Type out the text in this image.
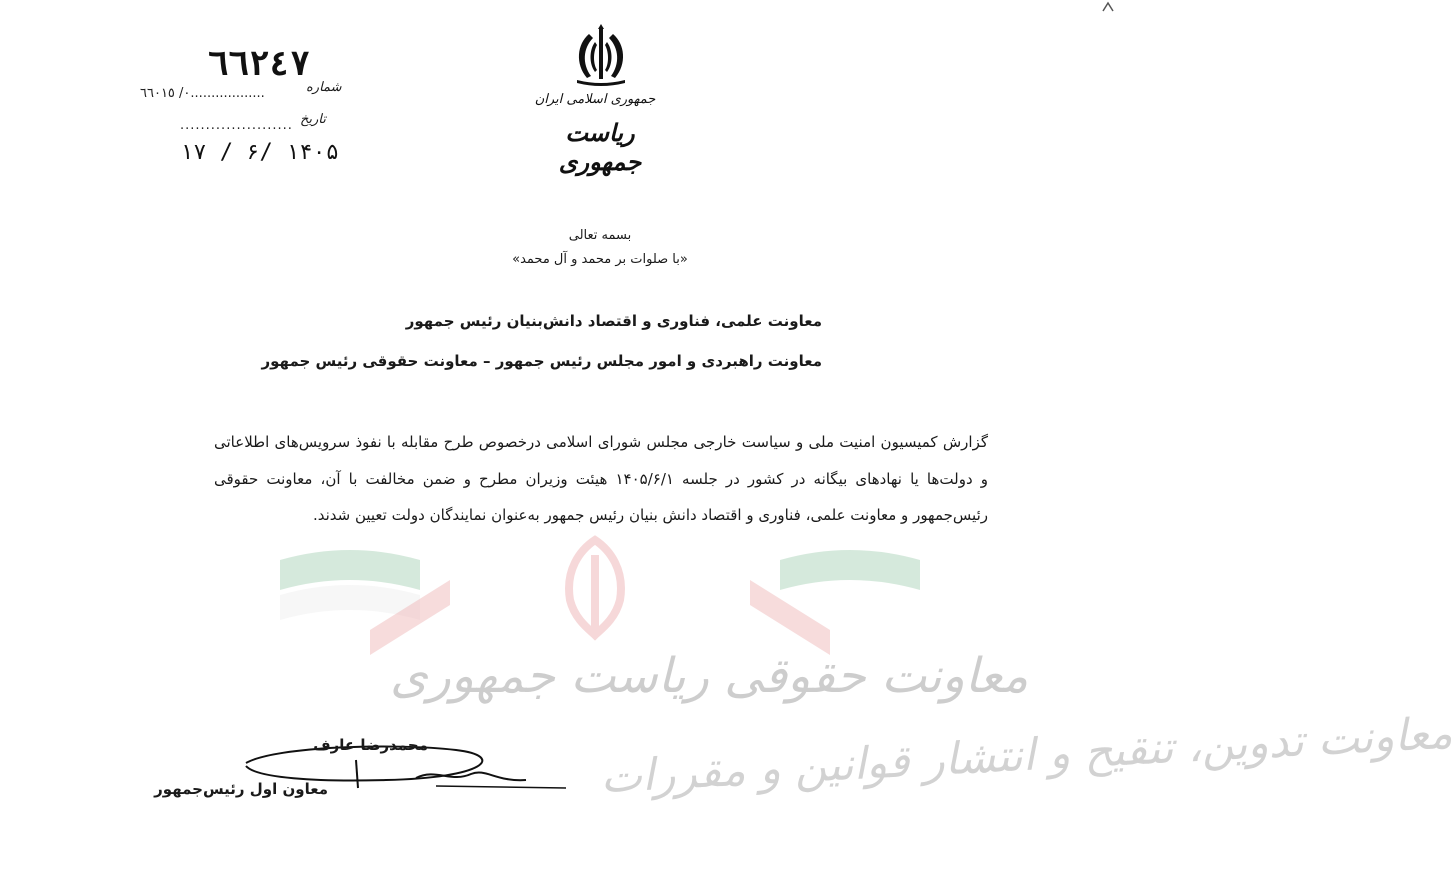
معاونت حقوقی ریاست جمهوری
معاونت تدوین، تنقیح و انتشار قوانین و مقررات
جمهوری اسلامی ایران
ریاست جمهوری
شماره
تاریخ
٦٦٢٤٧
٦٦٠١٥ /۰..................
......................
۱۴۰۵ /۶ / ۱۷
بسمه تعالی
«با صلوات بر محمد و آل محمد»
معاونت علمی، فناوری و اقتصاد دانش‌بنیان رئیس جمهور
معاونت راهبردی و امور مجلس رئیس جمهور – معاونت حقوقی رئیس جمهور
گزارش کمیسیون امنیت ملی و سیاست خارجی مجلس شورای اسلامی درخصوص طرح مقابله با نفوذ سرویس‌های اطلاعاتی و دولت‌ها یا نهادهای بیگانه در کشور در جلسه ۱۴۰۵/۶/۱ هیئت وزیران مطرح و ضمن مخالفت با آن، معاونت حقوقی رئیس‌جمهور و معاونت علمی، فناوری و اقتصاد دانش بنیان رئیس جمهور به‌عنوان نمایندگان دولت تعیین شدند.
محمدرضا عارف
معاون اول رئیس‌جمهور
